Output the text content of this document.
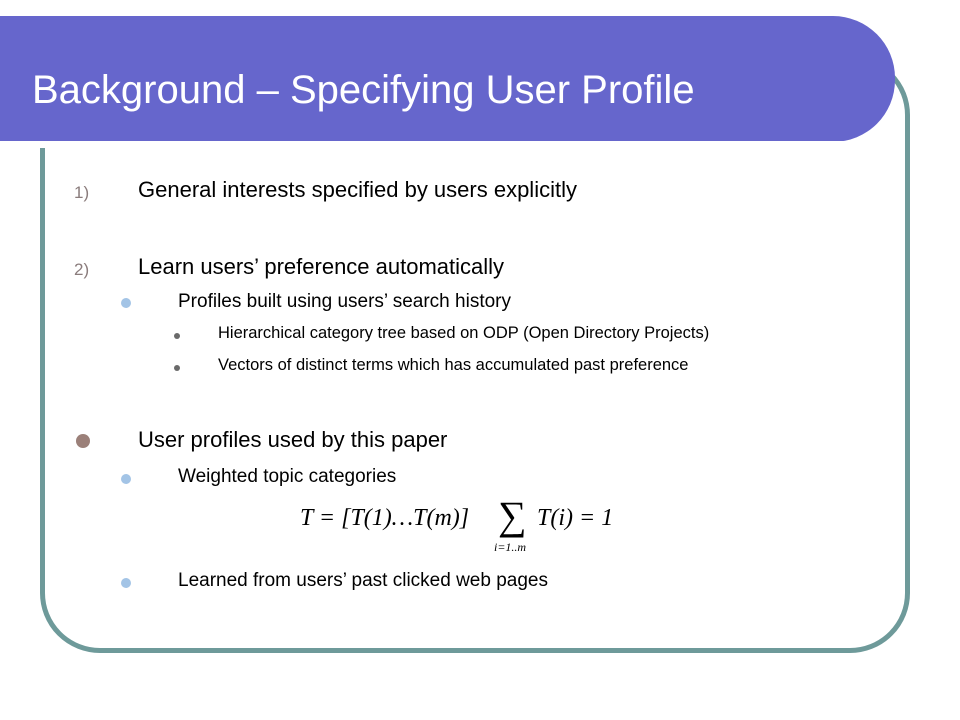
Background – Specifying User Profile
1) General interests specified by users explicitly
2) Learn users’ preference automatically
Profiles built using users’ search history
Hierarchical category tree based on ODP (Open Directory Projects)
Vectors of distinct terms which has accumulated past preference
User profiles used by this paper
Weighted topic categories
T = [T(1)…T(m)] ∑
i=1..m
T(i) = 1
Learned from users’ past clicked web pages
